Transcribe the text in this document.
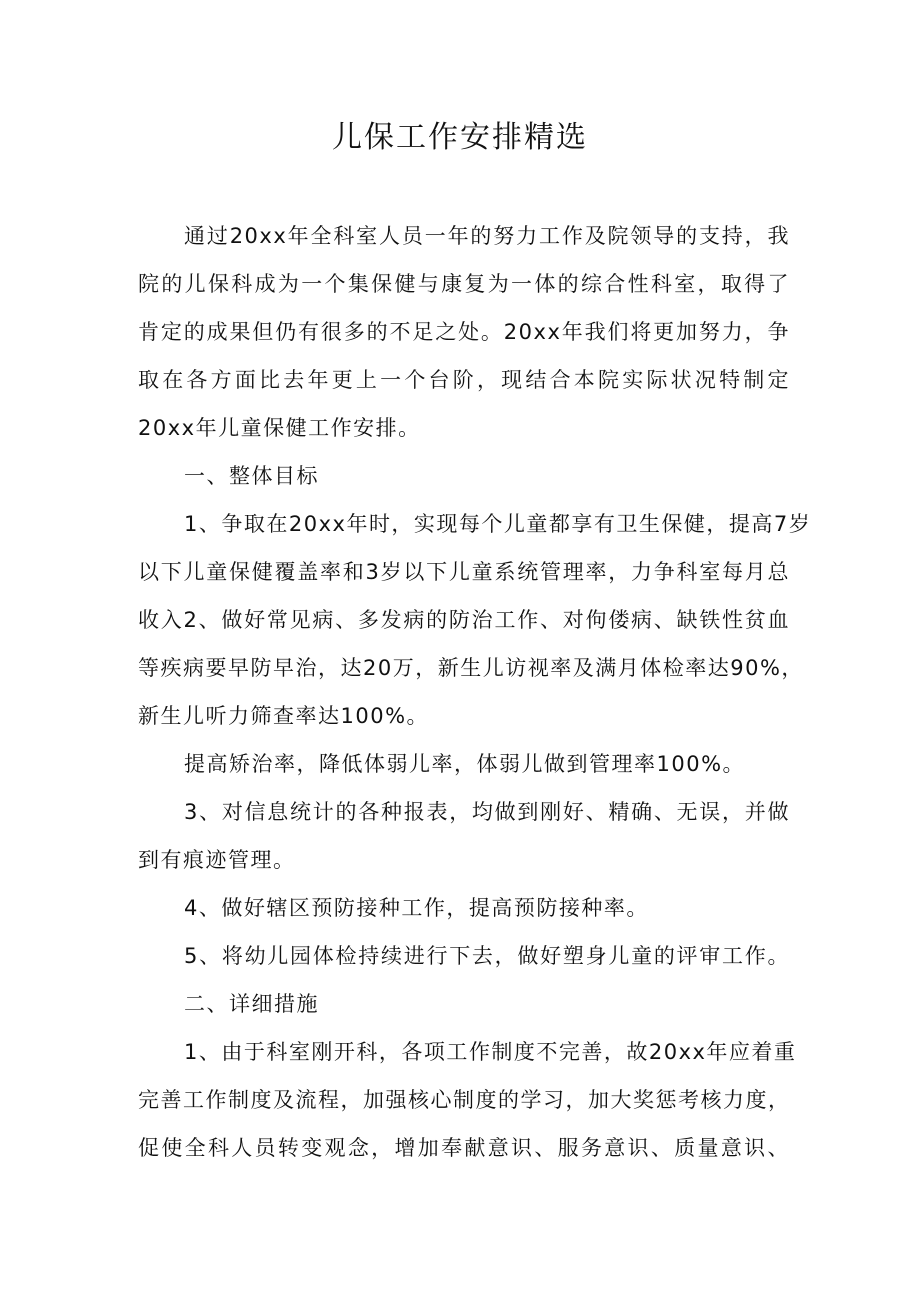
儿保工作安排精选
通过20xx年全科室人员一年的努力工作及院领导的支持，我
院的儿保科成为一个集保健与康复为一体的综合性科室，取得了
肯定的成果但仍有很多的不足之处。20xx年我们将更加努力，争
取在各方面比去年更上一个台阶，现结合本院实际状况特制定
20xx年儿童保健工作安排。
一、整体目标
1、争取在20xx年时，实现每个儿童都享有卫生保健，提高7岁
以下儿童保健覆盖率和3岁以下儿童系统管理率，力争科室每月总
收入2、做好常见病、多发病的防治工作、对佝偻病、缺铁性贫血
等疾病要早防早治，达20万，新生儿访视率及满月体检率达90%，
新生儿听力筛查率达100%。
提高矫治率，降低体弱儿率，体弱儿做到管理率100%。
3、对信息统计的各种报表，均做到刚好、精确、无误，并做
到有痕迹管理。
4、做好辖区预防接种工作，提高预防接种率。
5、将幼儿园体检持续进行下去，做好塑身儿童的评审工作。
二、详细措施
1、由于科室刚开科，各项工作制度不完善，故20xx年应着重
完善工作制度及流程，加强核心制度的学习，加大奖惩考核力度，
促使全科人员转变观念，增加奉献意识、服务意识、质量意识、
